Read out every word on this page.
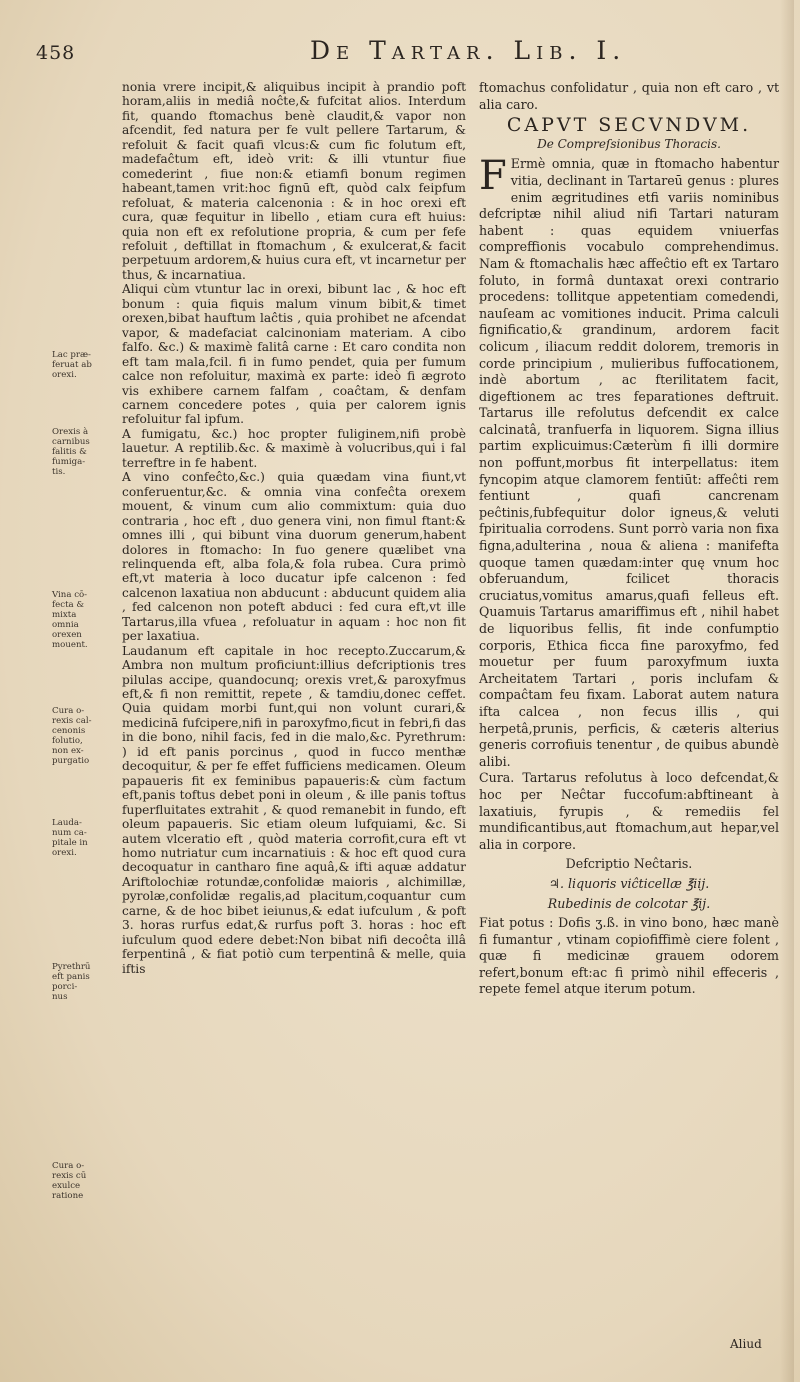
458	De Tartar. Lib. I.
Lac præ-
feruat ab
orexi.
Orexis à
carnibus
falitis &
fumiga-
tis.
Vina cō-
fecta &
mixta
omnia
orexen
mouent.
Cura o-
rexis cal-
cenonis
folutio,
non ex-
purgatio
Lauda-
num ca-
pitale in
orexi.
Pyrethrū
eft panis
porci-
nus
Cura o-
rexis cū
exulce
ratione

nonia vrere incipit,& aliquibus incipit à prandio poft horam,aliis in mediâ noĉte,& fufcitat alios. Interdum fit, quando ftomachus benè claudit,& vapor non afcendit, fed natura per fe vult pellere Tartarum, & refoluit & facit quafi vlcus:& cum fic folutum eft, madefaĉtum eft, ideò vrit: & illi vtuntur fiue comederint , fiue non:& etiamfi bonum regimen habeant,tamen vrit:hoc fignū eft, quòd calx feipfum refoluat, & materia calcenonia : & in hoc orexi eft cura, quæ fequitur in libello , etiam cura eft huius: quia non eft ex refolutione propria, & cum per fefe refoluit , deftillat in ftomachum , & exulcerat,& facit perpetuum ardorem,& huius cura eft, vt incarnetur per thus, & incarnatiua.

Aliqui cùm vtuntur lac in orexi, bibunt lac , & hoc eft bonum : quia fiquis malum vinum bibit,& timet orexen,bibat hauftum laĉtis , quia prohibet ne afcendat vapor, & madefaciat calcinoniam materiam. A cibo falfo. &c.) & maximè falitâ carne : Et caro condita non eft tam mala,fcil. fi in fumo pendet, quia per fumum calce non refoluitur, maximà ex parte: ideò fi ægroto vis exhibere carnem falfam , coaĉtam, & denfam carnem concedere potes , quia per calorem ignis refoluitur fal ipfum.

A fumigatu, &c.) hoc propter fuliginem,nifi probè lauetur. A reptilib.&c. & maximè à volucribus,qui i fal terreftre in fe habent.

A vino confeĉto,&c.) quia quædam vina fiunt,vt conferuentur,&c. & omnia vina confeĉta orexem mouent, & vinum cum alio commixtum: quia duo contraria , hoc eft , duo genera vini, non fimul ftant:& omnes illi , qui bibunt vina duorum generum,habent dolores in ftomacho: In fuo genere quælibet vna relinquenda eft, alba fola,& fola rubea. Cura primò eft,vt materia à loco ducatur ipfe calcenon : fed calcenon laxatiua non abducunt : abducunt quidem alia , fed calcenon non poteft abduci : fed cura eft,vt ille Tartarus,illa vfuea , refoluatur in aquam : hoc non fit per laxatiua.

Laudanum eft capitale in hoc recepto.Zuccarum,& Ambra non multum proficiunt:illius defcriptionis tres pilulas accipe, quandocunq; orexis vret,& paroxyfmus eft,& fi non remittit, repete , & tamdiu,donec ceffet. Quia quidam morbi funt,qui non volunt curari,& medicinā fufcipere,nifi in paroxyfmo,ficut in febri,fi das in die bono, nihil facis, fed in die malo,&c. Pyrethrum: ) id eft panis porcinus , quod in fucco menthæ decoquitur, & per fe effet fufficiens medicamen. Oleum papaueris fit ex feminibus papaueris:& cùm factum eft,panis toftus debet poni in oleum , & ille panis toftus fuperfluitates extrahit , & quod remanebit in fundo, eft oleum papaueris. Sic etiam oleum lufquiami, &c. Si autem vlceratio eft , quòd materia corrofit,cura eft vt homo nutriatur cum incarnatiuis : & hoc eft quod cura decoquatur in cantharo fine aquâ,& ifti aquæ addatur Ariftolochiæ rotundæ,confolidæ maioris , alchimillæ, pyrolæ,confolidæ regalis,ad placitum,coquantur cum carne, & de hoc bibet ieiunus,& edat iufculum , & poft 3. horas rurfus edat,& rurfus poft 3. horas : hoc eft iufculum quod edere debet:Non bibat nifi decoĉta illâ ferpentinâ , & fiat potiò cum terpentinâ & melle, quia iftis

ftomachus confolidatur , quia non eft caro , vt alia caro.

CAPVT SECVNDVM.
De Compreſsionibus Thoracis.

F Ermè omnia, quæ in ftomacho habentur vitia, declinant in Tartareū genus : plures enim ægritudines etfi variis nominibus defcriptæ nihil aliud nifi Tartari naturam habent : quas equidem vniuerfas compreffionis vocabulo comprehendimus. Nam & ftomachalis hæc affeĉtio eft ex Tartaro foluto, in formâ duntaxat orexi contrario procedens: tollitque appetentiam comedendi, nauſeam ac vomitiones inducit. Prima calculi fignificatio,& grandinum, ardorem facit colicum , iliacum reddit dolorem, tremoris in corde principium , mulieribus fuffocationem, indè abortum , ac fterilitatem facit, digeftionem ac tres feparationes deftruit. Tartarus ille refolutus defcendit ex calce calcinatâ, tranfuerfa in liquorem. Signa illius partim explicuimus:Cæterùm fi illi dormire non poffunt,morbus fit interpellatus: item fyncopim atque clamorem fentiūt: affeĉti rem fentiunt , quafi cancrenam peĉtinis,fubfequitur dolor igneus,& veluti fpiritualia corrodens. Sunt porrò varia non fixa figna,adulterina , noua & aliena : manifefta quoque tamen quædam:inter quę vnum hoc obferuandum, fcilicet thoracis cruciatus,vomitus amarus,quafi felleus eft. Quamuis Tartarus amariffimus eft , nihil habet de liquoribus fellis, fit inde confumptio corporis, Ethica ficca fine paroxyfmo, fed mouetur per fuum paroxyfmum iuxta Archeitatem Tartari , poris inclufam & compaĉtam feu fixam. Laborat autem natura ifta calcea , non fecus illis , qui herpetâ,prunis, perficis, & cæteris alterius generis corrofiuis tenentur , de quibus abundè alibi.

Cura. Tartarus refolutus à loco defcendat,& hoc per Neĉtar fuccofum:abftineant à laxatiuis, fyrupis , & remediis fel mundificantibus,aut ftomachum,aut hepar,vel alia in corpore.

Defcriptio Neĉtaris.
♃. liquoris viĉticellæ ℥iij.
Rubedinis de colcotar ℥ij.

Fiat potus : Dofis ʒ.ß. in vino bono, hæc manè fi fumantur , vtinam copiofiffimè ciere folent , quæ fi medicinæ grauem odorem refert,bonum eft:ac fi primò nihil effeceris , repete femel atque iterum potum.

Aliud
